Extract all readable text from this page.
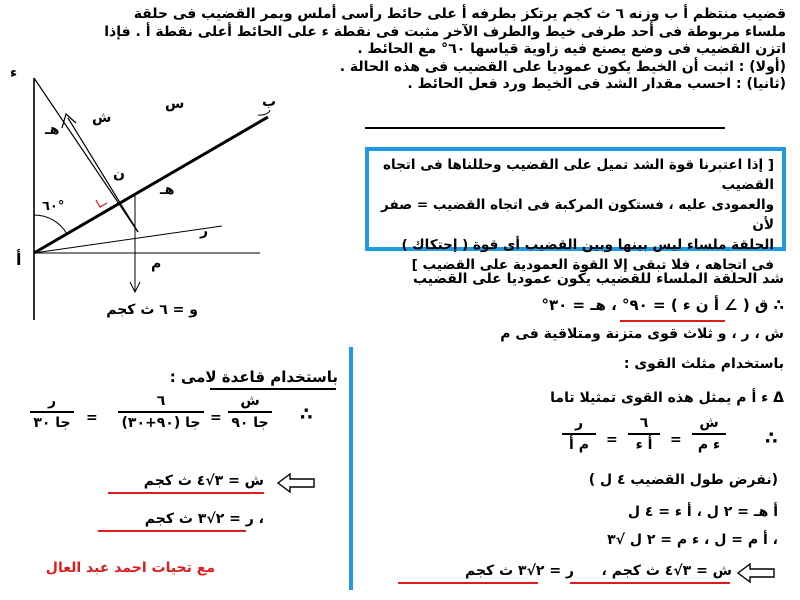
قضيب منتظم أ ب وزنه ٦ ث كجم يرتكز بطرفه أ على حائط رأسى أملس ويمر القضيب فى حلقة
ملساء مربوطة فى أحد طرفى خيط والطرف الآخر مثبت فى نقطة ء على الحائط أعلى نقطة أ . فإذا
اتزن القضيب فى وضع يصنع فيه زاوية قياسها ٦٠° مع الحائط .
(أولا) : اثبت أن الخيط يكون عموديا على القضيب فى هذه الحالة .
(ثانيا) : احسب مقدار الشد فى الخيط ورد فعل الحائط .
ء
ب
س
ش
هـ
ن
هـ
أ
ر
م
٦٠°
و = ٦ ث كجم
[ إذا اعتبرنا قوة الشد تميل على القضيب وحللناها فى اتجاه القضيب
والعمودى عليه ، فستكون المركبة فى اتجاه القضيب = صفر لأن
الحلقة ملساء ليس بينها وبين القضيب أى قوة ( إحتكاك )
فى اتجاهه ، فلا تبقى إلا القوة العمودية على القضيب ]
شد الحلقة الملساء للقضيب يكون عموديا على القضيب
∴ ق ( ∠ أ ن ء ) = ٩٠° ، هـ = ٣٠°
ش ، ر ، و ثلاث قوى متزنة ومتلاقية فى م
باستخدام مثلث القوى :
Δ ء أ م يمثل هذه القوى تمثيلا تاما
∴
ش
ء م
=
٦
أ ء
=
ر
م أ
(نفرض طول القضيب ٤ ل )
أ هـ = ٢ ل ، أ ء = ٤ ل
، أ م = ل ، ء م = ٢ ل √٣
ش = ٣√٤ ث كجم ،
ر = ٢√٣ ث كجم
باستخدام قاعدة لامى :
∴
ش
جا ٩٠
=
٦
جا (٩٠+٣٠)
=
ر
جا ٣٠
ش = ٣√٤ ث كجم
، ر = ٢√٣ ث كجم
مع تحيات احمد عبد العال
